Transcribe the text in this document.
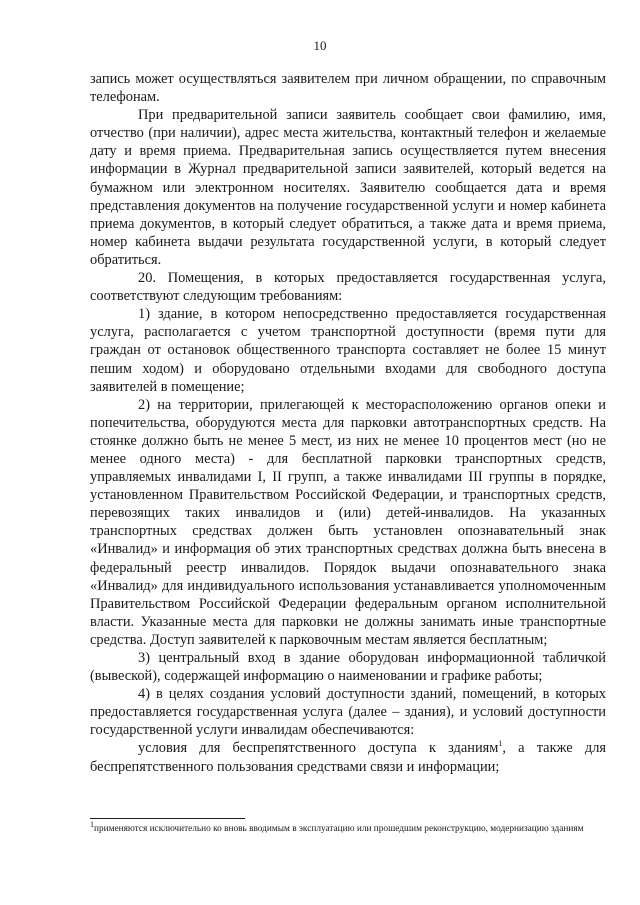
10

запись может осуществляться заявителем при личном обращении, по справочным телефонам.

При предварительной записи заявитель сообщает свои фамилию, имя, отчество (при наличии), адрес места жительства, контактный телефон и желаемые дату и время приема. Предварительная запись осуществляется путем внесения информации в Журнал предварительной записи заявителей, который ведется на бумажном или электронном носителях. Заявителю сообщается дата и время представления документов на получение государственной услуги и номер кабинета приема документов, в который следует обратиться, а также дата и время приема, номер кабинета выдачи результата государственной услуги, в который следует обратиться.

20. Помещения, в которых предоставляется государственная услуга, соответствуют следующим требованиям:

1) здание, в котором непосредственно предоставляется государственная услуга, располагается с учетом транспортной доступности (время пути для граждан от остановок общественного транспорта составляет не более 15 минут пешим ходом) и оборудовано отдельными входами для свободного доступа заявителей в помещение;

2) на территории, прилегающей к месторасположению органов опеки и попечительства, оборудуются места для парковки автотранспортных средств. На стоянке должно быть не менее 5 мест, из них не менее 10 процентов мест (но не менее одного места) - для бесплатной парковки транспортных средств, управляемых инвалидами I, II групп, а также инвалидами III группы в порядке, установленном Правительством Российской Федерации, и транспортных средств, перевозящих таких инвалидов и (или) детей-инвалидов. На указанных транспортных средствах должен быть установлен опознавательный знак «Инвалид» и информация об этих транспортных средствах должна быть внесена в федеральный реестр инвалидов. Порядок выдачи опознавательного знака «Инвалид» для индивидуального использования устанавливается уполномоченным Правительством Российской Федерации федеральным органом исполнительной власти. Указанные места для парковки не должны занимать иные транспортные средства. Доступ заявителей к парковочным местам является бесплатным;

3) центральный вход в здание оборудован информационной табличкой (вывеской), содержащей информацию о наименовании и графике работы;

4) в целях создания условий доступности зданий, помещений, в которых предоставляется государственная услуга (далее – здания), и условий доступности государственной услуги инвалидам обеспечиваются:

условия для беспрепятственного доступа к зданиям$^1$, а также для беспрепятственного пользования средствами связи и информации;

$^1$применяются исключительно ко вновь вводимым в эксплуатацию или прошедшим реконструкцию, модернизацию зданиям
